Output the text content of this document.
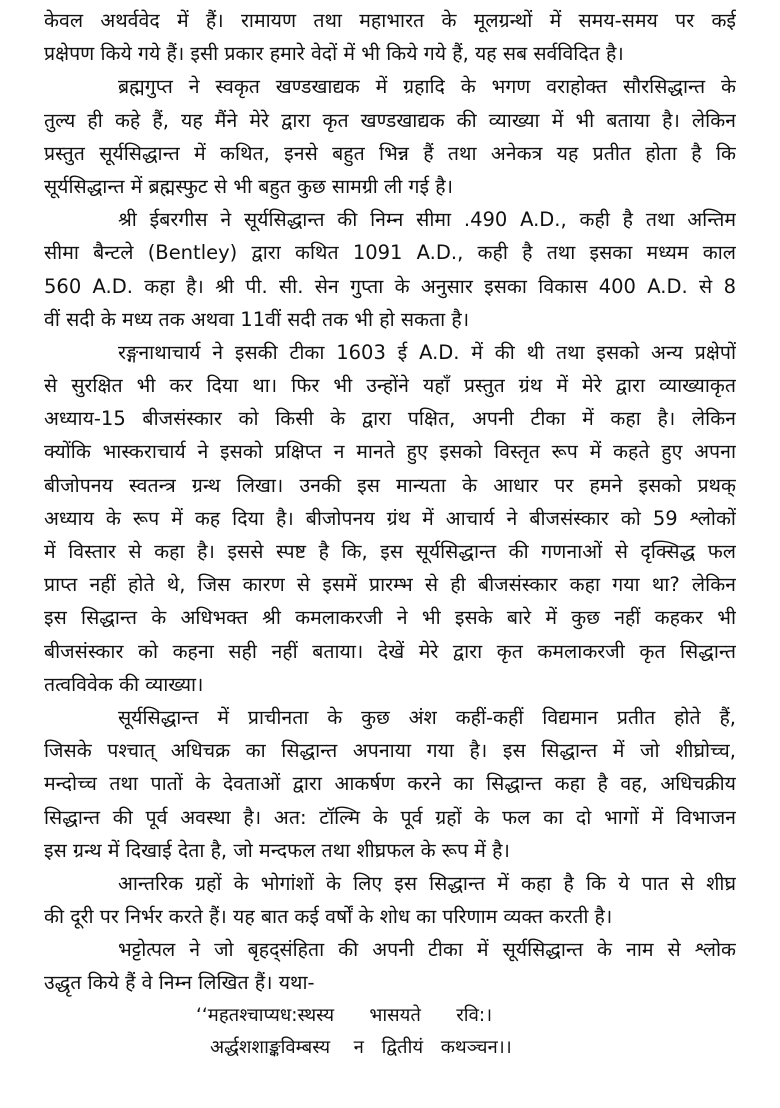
केवल अथर्ववेद में हैं। रामायण तथा महाभारत के मूलग्रन्थों में समय-समय पर कई
प्रक्षेपण किये गये हैं। इसी प्रकार हमारे वेदों में भी किये गये हैं, यह सब सर्वविदित है।
ब्रह्मगुप्त ने स्वकृत खण्डखाद्यक में ग्रहादि के भगण वराहोक्त सौरसिद्धान्त के
तुल्य ही कहे हैं, यह मैंने मेरे द्वारा कृत खण्डखाद्यक की व्याख्या में भी बताया है। लेकिन
प्रस्तुत सूर्यसिद्धान्त में कथित, इनसे बहुत भिन्न हैं तथा अनेकत्र यह प्रतीत होता है कि
सूर्यसिद्धान्त में ब्रह्मस्फुट से भी बहुत कुछ सामग्री ली गई है।
श्री ईबरगीस ने सूर्यसिद्धान्त की निम्न सीमा .490 A.D., कही है तथा अन्तिम
सीमा बैन्टले (Bentley) द्वारा कथित 1091 A.D., कही है तथा इसका मध्यम काल
560 A.D. कहा है। श्री पी. सी. सेन गुप्ता के अनुसार इसका विकास 400 A.D. से 8
वीं सदी के मध्य तक अथवा 11वीं सदी तक भी हो सकता है।
रङ्गनाथाचार्य ने इसकी टीका 1603 ई A.D. में की थी तथा इसको अन्य प्रक्षेपों
से सुरक्षित भी कर दिया था। फिर भी उन्होंने यहाँ प्रस्तुत ग्रंथ में मेरे द्वारा व्याख्याकृत
अध्याय-15 बीजसंस्कार को किसी के द्वारा पक्षित, अपनी टीका में कहा है। लेकिन
क्योंकि भास्कराचार्य ने इसको प्रक्षिप्त न मानते हुए इसको विस्तृत रूप में कहते हुए अपना
बीजोपनय स्वतन्त्र ग्रन्थ लिखा। उनकी इस मान्यता के आधार पर हमने इसको प्रथक्
अध्याय के रूप में कह दिया है। बीजोपनय ग्रंथ में आचार्य ने बीजसंस्कार को 59 श्लोकों
में विस्तार से कहा है। इससे स्पष्ट है कि, इस सूर्यसिद्धान्त की गणनाओं से दृक्सिद्ध फल
प्राप्त नहीं होते थे, जिस कारण से इसमें प्रारम्भ से ही बीजसंस्कार कहा गया था? लेकिन
इस सिद्धान्त के अधिभक्त श्री कमलाकरजी ने भी इसके बारे में कुछ नहीं कहकर भी
बीजसंस्कार को कहना सही नहीं बताया। देखें मेरे द्वारा कृत कमलाकरजी कृत सिद्धान्त
तत्वविवेक की व्याख्या।
सूर्यसिद्धान्त में प्राचीनता के कुछ अंश कहीं-कहीं विद्यमान प्रतीत होते हैं,
जिसके पश्चात् अधिचक्र का सिद्धान्त अपनाया गया है। इस सिद्धान्त में जो शीघ्रोच्च,
मन्दोच्च तथा पातों के देवताओं द्वारा आकर्षण करने का सिद्धान्त कहा है वह, अधिचक्रीय
सिद्धान्त की पूर्व अवस्था है। अत: टॉल्मि के पूर्व ग्रहों के फल का दो भागों में विभाजन
इस ग्रन्थ में दिखाई देता है, जो मन्दफल तथा शीघ्रफल के रूप में है।
आन्तरिक ग्रहों के भोगांशों के लिए इस सिद्धान्त में कहा है कि ये पात से शीघ्र
की दूरी पर निर्भर करते हैं। यह बात कई वर्षों के शोध का परिणाम व्यक्त करती है।
भट्टोत्पल ने जो बृहद्संहिता की अपनी टीका में सूर्यसिद्धान्त के नाम से श्लोक
उद्धृत किये हैं वे निम्न लिखित हैं। यथा-
‘‘महतश्चाप्यध:स्थस्य      भासयते      रवि:।
अर्द्धशशाङ्कविम्बस्य    न   द्वितीयं   कथञ्चन।।
